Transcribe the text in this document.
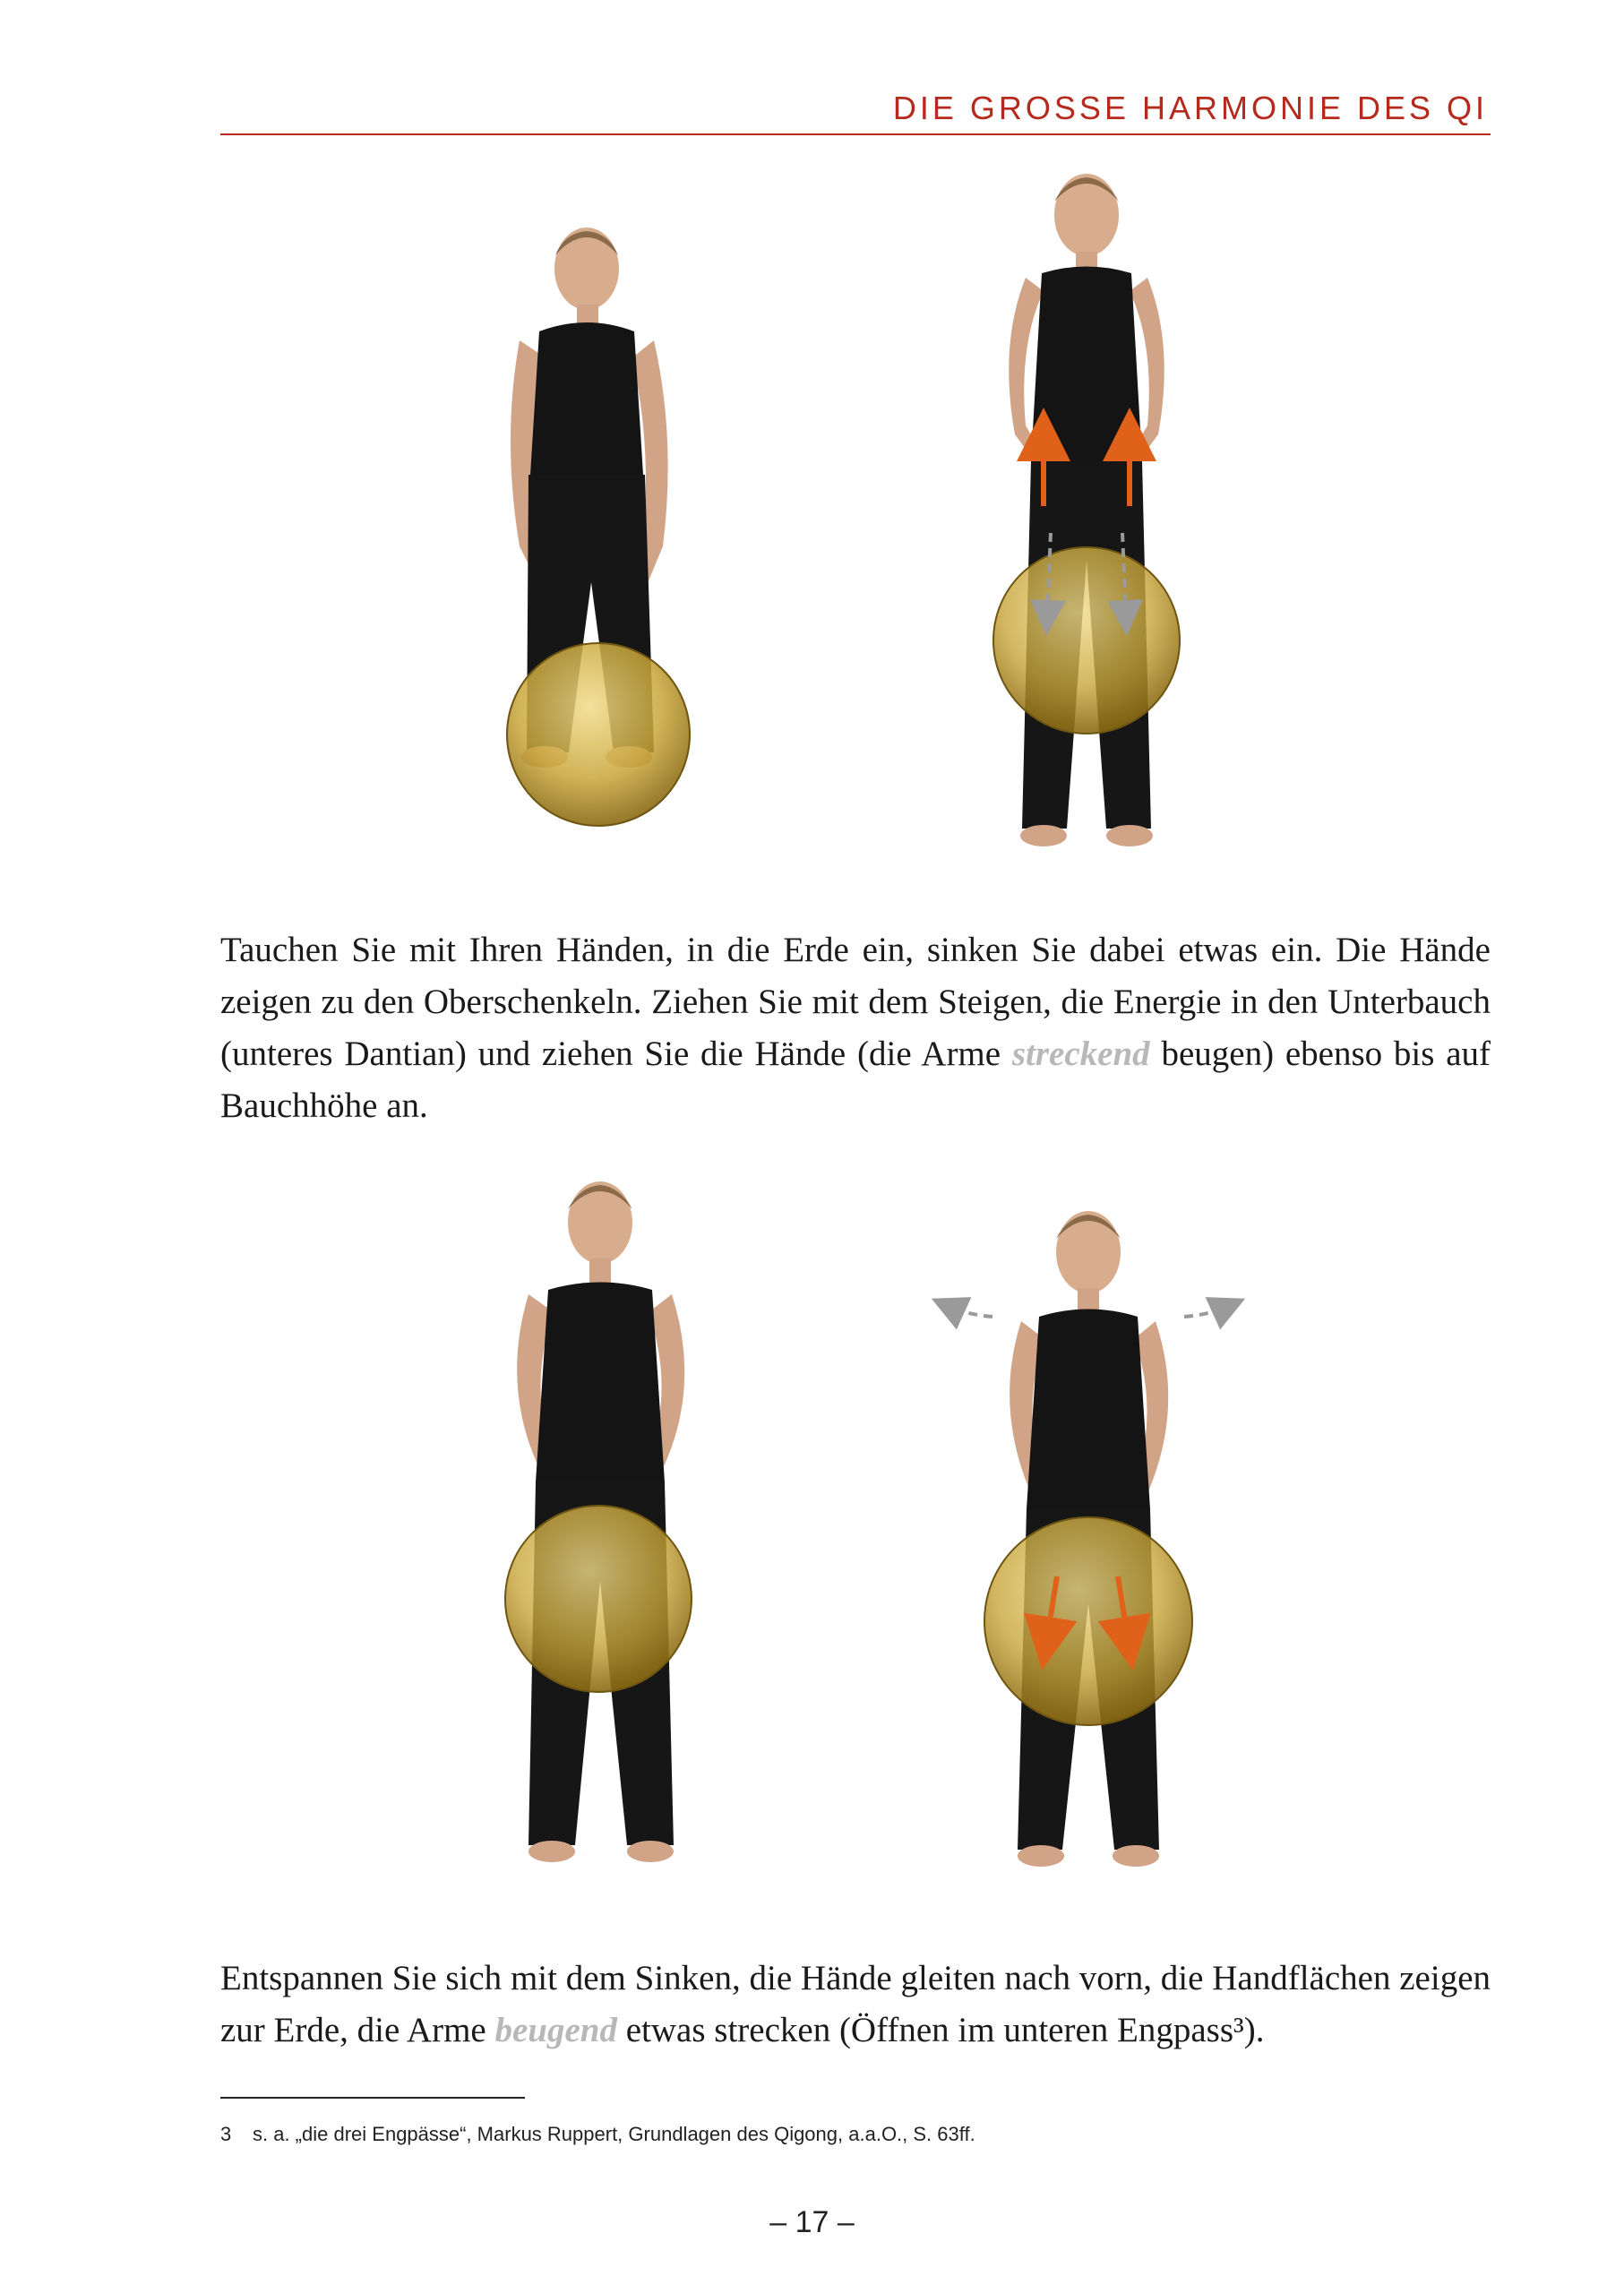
DIE GROSSE HARMONIE DES QI

Tauchen Sie mit Ihren Händen, in die Erde ein, sinken Sie dabei etwas ein. Die Hände zeigen zu den Oberschenkeln. Ziehen Sie mit dem Steigen, die Energie in den Unterbauch (unteres Dantian) und ziehen Sie die Hände (die Arme streckend beugen) ebenso bis auf Bauchhöhe an.

Entspannen Sie sich mit dem Sinken, die Hände gleiten nach vorn, die Handflächen zeigen zur Erde, die Arme beugend etwas strecken (Öffnen im unteren Engpass³).

3 s. a. „die drei Engpässe“, Markus Ruppert, Grundlagen des Qigong, a.a.O., S. 63ff.
– 17 –
